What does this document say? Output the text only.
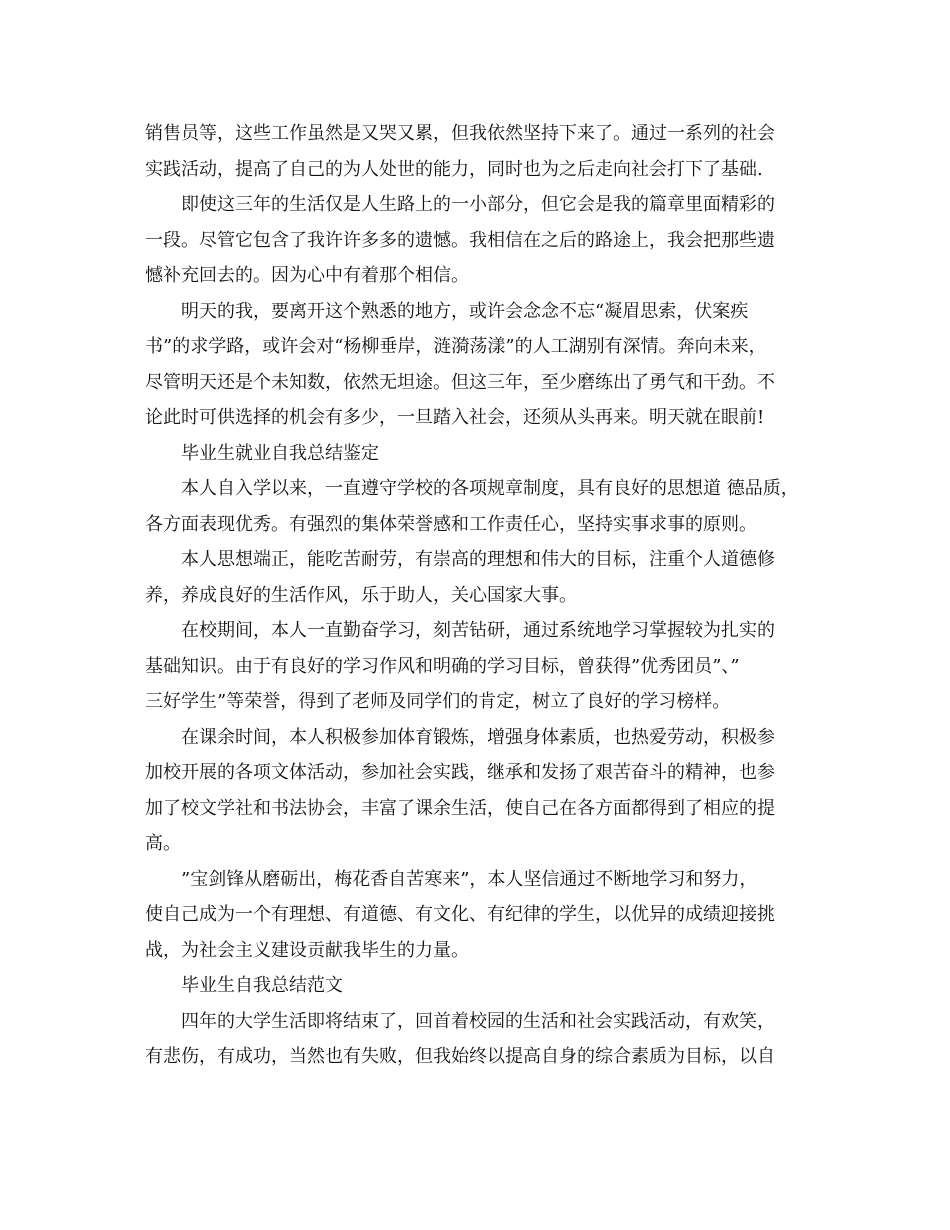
销售员等，这些工作虽然是又哭又累，但我依然坚持下来了。通过一系列的社会
实践活动，提高了自己的为人处世的能力，同时也为之后走向社会打下了基础.
即使这三年的生活仅是人生路上的一小部分，但它会是我的篇章里面精彩的
一段。尽管它包含了我许许多多的遗憾。我相信在之后的路途上，我会把那些遗
憾补充回去的。因为心中有着那个相信。
明天的我，要离开这个熟悉的地方，或许会念念不忘“凝眉思索，伏案疾
书”的求学路，或许会对“杨柳垂岸，涟漪荡漾”的人工湖别有深情。奔向未来，
尽管明天还是个未知数，依然无坦途。但这三年，至少磨练出了勇气和干劲。不
论此时可供选择的机会有多少，一旦踏入社会，还须从头再来。明天就在眼前!
毕业生就业自我总结鉴定
本人自入学以来，一直遵守学校的各项规章制度，具有良好的思想道 德品质，
各方面表现优秀。有强烈的集体荣誉感和工作责任心，坚持实事求事的原则。
本人思想端正，能吃苦耐劳，有崇高的理想和伟大的目标，注重个人道德修
养，养成良好的生活作风，乐于助人，关心国家大事。
在校期间，本人一直勤奋学习，刻苦钻研，通过系统地学习掌握较为扎实的
基础知识。由于有良好的学习作风和明确的学习目标，曾获得”优秀团员”、”
三好学生”等荣誉，得到了老师及同学们的肯定，树立了良好的学习榜样。
在课余时间，本人积极参加体育锻炼，增强身体素质，也热爱劳动，积极参
加校开展的各项文体活动，参加社会实践，继承和发扬了艰苦奋斗的精神，也参
加了校文学社和书法协会，丰富了课余生活，使自己在各方面都得到了相应的提
高。
”宝剑锋从磨砺出，梅花香自苦寒来”，本人坚信通过不断地学习和努力，
使自己成为一个有理想、有道德、有文化、有纪律的学生，以优异的成绩迎接挑
战，为社会主义建设贡献我毕生的力量。
毕业生自我总结范文
四年的大学生活即将结束了，回首着校园的生活和社会实践活动，有欢笑，
有悲伤，有成功，当然也有失败，但我始终以提高自身的综合素质为目标，以自
